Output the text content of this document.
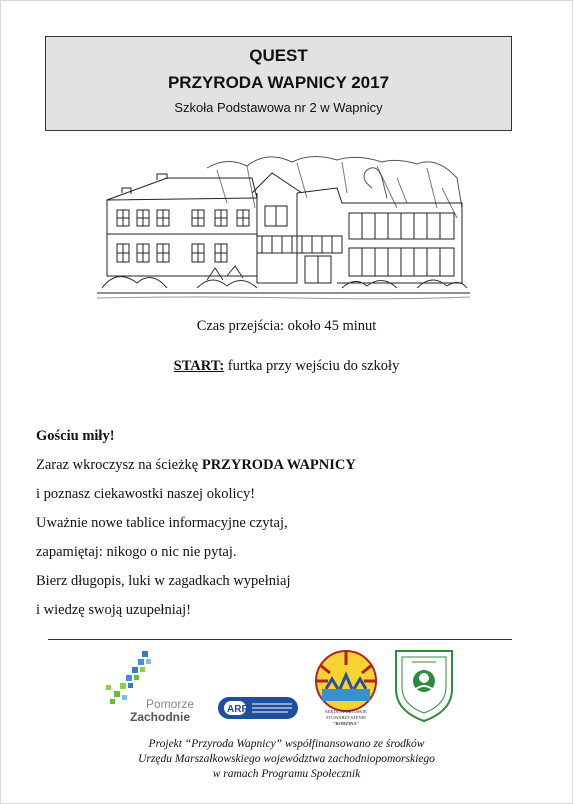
QUEST
PRZYRODA WAPNICY 2017
Szkoła Podstawowa nr 2 w Wapnicy
Czas przejścia: około 45 minut
START: furtka przy wejściu do szkoły
Gościu miły!
Zaraz wkroczysz na ścieżkę PRZYRODA WAPNICY
i poznasz ciekawostki naszej okolicy!
Uważnie nowe tablice informacyjne czytaj,
zapamiętaj: nikogo o nic nie pytaj.
Bierz długopis, luki w zagadkach wypełniaj
i wiedzę swoją uzupełniaj!
Pomorze
Zachodnie
ARR	MIĘDZYZDROJSKIE
STOWARZYSZENIE
"RODZINA"
Projekt “Przyroda Wapnicy” współfinansowano ze środków
Urzędu Marszałkowskiego województwa zachodniopomorskiego
w ramach Programu Społecznik
